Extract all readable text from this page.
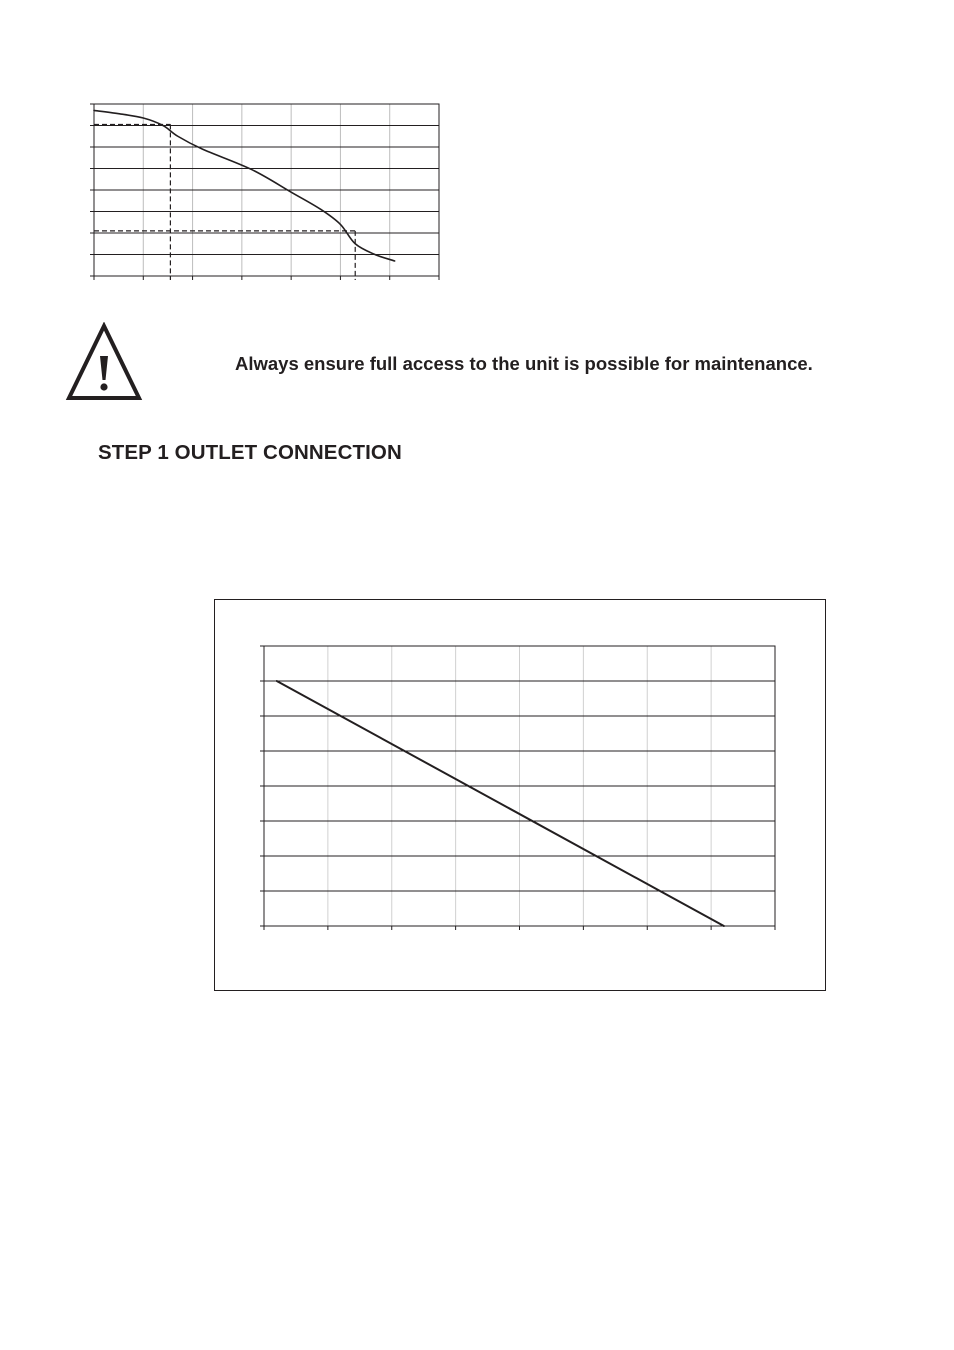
Always ensure full access to the unit is possible for maintenance.
STEP 1 OUTLET CONNECTION
